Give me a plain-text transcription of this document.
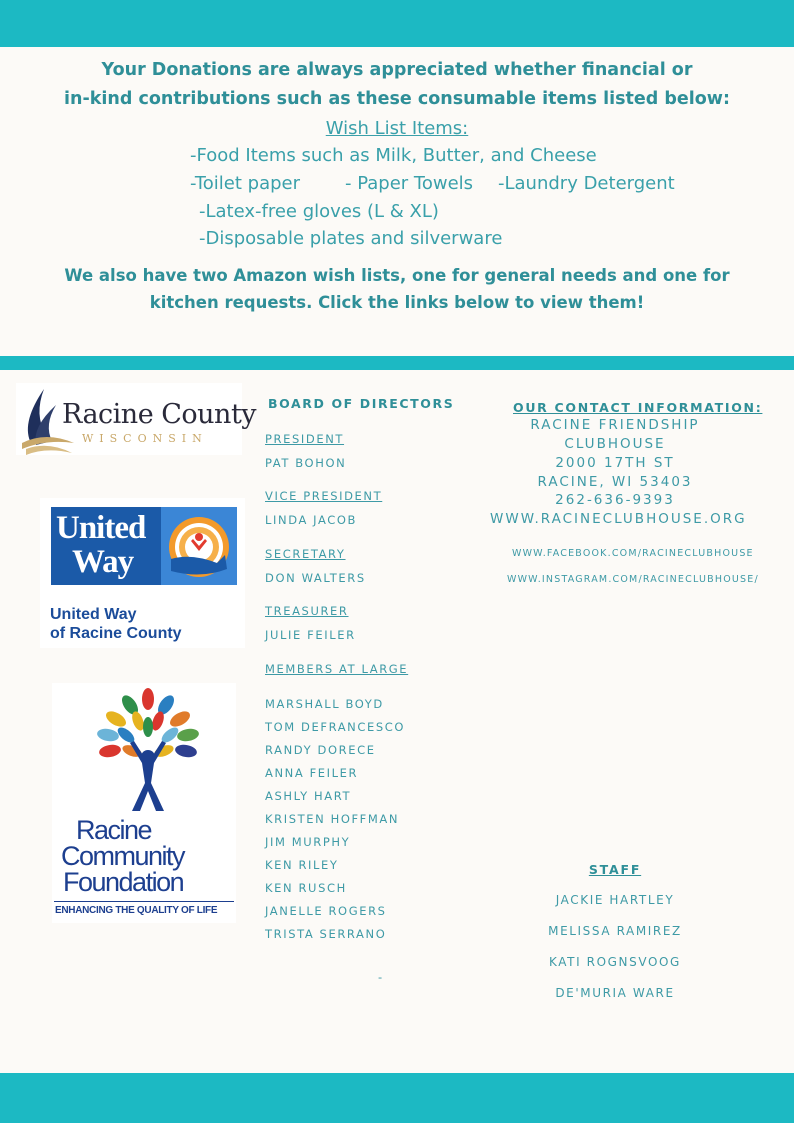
Your Donations are always appreciated whether financial or
in-kind contributions such as these consumable items listed below:
Wish List Items:
-Food Items such as Milk, Butter, and Cheese
-Toilet paper - Paper Towels -Laundry Detergent
-Latex-free gloves (L & XL)
-Disposable plates and silverware
We also have two Amazon wish lists, one for general needs and one for
kitchen requests. Click the links below to view them!
Racine County
WISCONSIN
United
Way
United Way
of Racine County
Racine
Community
Foundation
ENHANCING THE QUALITY OF LIFE
BOARD OF DIRECTORS
PRESIDENT
PAT BOHON
VICE PRESIDENT
LINDA JACOB
SECRETARY
DON WALTERS
TREASURER
JULIE FEILER
MEMBERS AT LARGE
MARSHALL BOYD
TOM DEFRANCESCO
RANDY DORECE
ANNA FEILER
ASHLY HART
KRISTEN HOFFMAN
JIM MURPHY
KEN RILEY
KEN RUSCH
JANELLE ROGERS
TRISTA SERRANO
-
OUR CONTACT INFORMATION:
RACINE FRIENDSHIP
CLUBHOUSE
2000 17TH ST
RACINE, WI 53403
262-636-9393
WWW.RACINECLUBHOUSE.ORG
WWW.FACEBOOK.COM/RACINECLUBHOUSE
WWW.INSTAGRAM.COM/RACINECLUBHOUSE/
STAFF
JACKIE HARTLEY
MELISSA RAMIREZ
KATI ROGNSVOOG
DE'MURIA WARE
